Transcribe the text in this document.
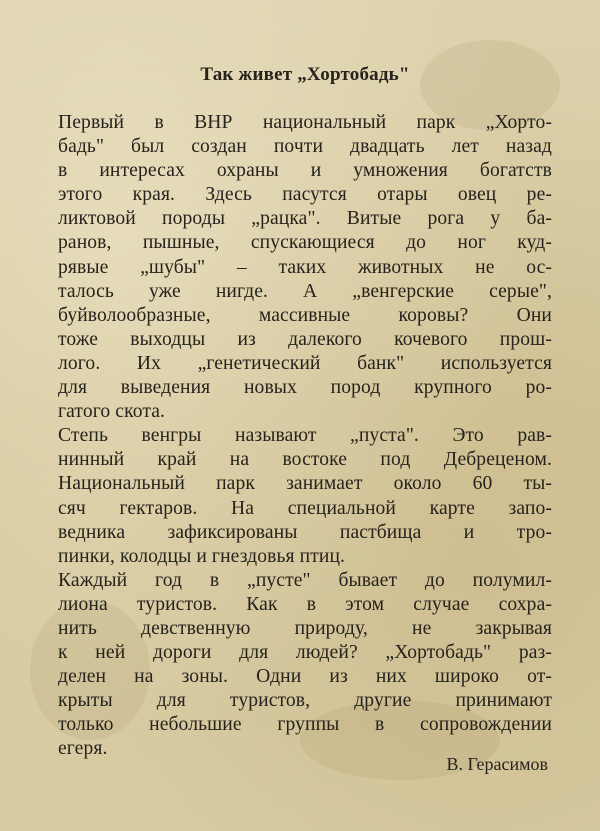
Так живет „Хортобадь"

Первый в ВНР национальный парк „Хорто-
бадь" был создан почти двадцать лет назад
в интересах охраны и умножения богатств
этого края. Здесь пасутся отары овец ре-
ликтовой породы „рацка". Витые рога у ба-
ранов, пышные, спускающиеся до ног куд-
рявые „шубы" – таких животных не ос-
талось уже нигде. А „венгерские серые",
буйволообразные, массивные коровы? Они
тоже выходцы из далекого кочевого прош-
лого. Их „генетический банк" используется
для выведения новых пород крупного ро-
гатого скота.

Степь венгры называют „пуста". Это рав-
нинный край на востоке под Дебреценом.
Национальный парк занимает около 60 ты-
сяч гектаров. На специальной карте запо-
ведника зафиксированы пастбища и тро-
пинки, колодцы и гнездовья птиц.

Каждый год в „пусте" бывает до полумил-
лиона туристов. Как в этом случае сохра-
нить девственную природу, не закрывая
к ней дороги для людей? „Хортобадь" раз-
делен на зоны. Одни из них широко от-
крыты для туристов, другие принимают
только небольшие группы в сопровождении
егеря.

В. Герасимов
